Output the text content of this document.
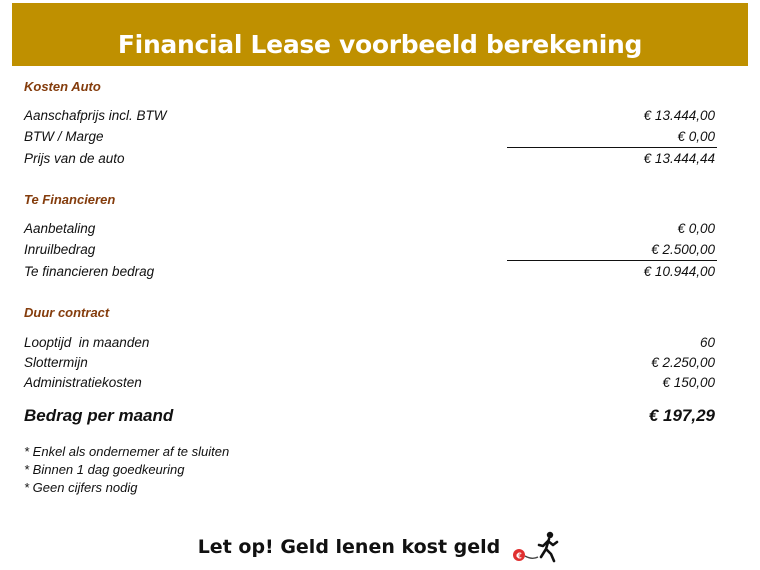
Financial Lease voorbeeld berekening
Kosten Auto
Aanschafprijs incl. BTW	€ 13.444,00
BTW / Marge	€ 0,00
Prijs van de auto	€ 13.444,44
Te Financieren
Aanbetaling	€ 0,00
Inruilbedrag	€ 2.500,00
Te financieren bedrag	€ 10.944,00
Duur contract
Looptijd  in maanden	60
Slottermijn	€ 2.250,00
Administratiekosten	€ 150,00
Bedrag per maand	€ 197,29
* Enkel als ondernemer af te sluiten
* Binnen 1 dag goedkeuring
* Geen cijfers nodig
Let op! Geld lenen kost geld €
